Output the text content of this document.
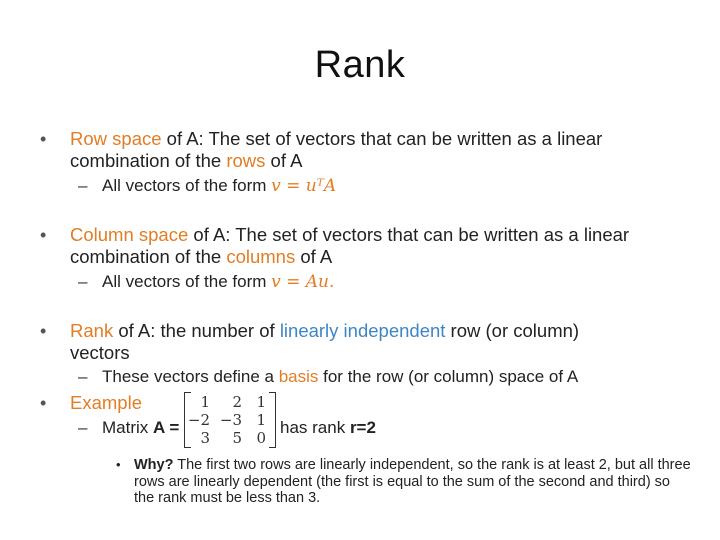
Rank
• Row space of A: The set of vectors that can be written as a linear
combination of the rows of A
– All vectors of the form v = uᵀA
• Column space of A: The set of vectors that can be written as a linear
combination of the columns of A
– All vectors of the form v = Au.
• Rank of A: the number of linearly independent row (or column)
vectors
– These vectors define a basis for the row (or column) space of A
• Example
– Matrix A =
1	2 1
−2 −3 1
3	5 0
has rank r=2
• Why? The first two rows are linearly independent, so the rank is at least 2, but all three rows are linearly dependent (the first is equal to the sum of the second and third) so the rank must be less than 3.
